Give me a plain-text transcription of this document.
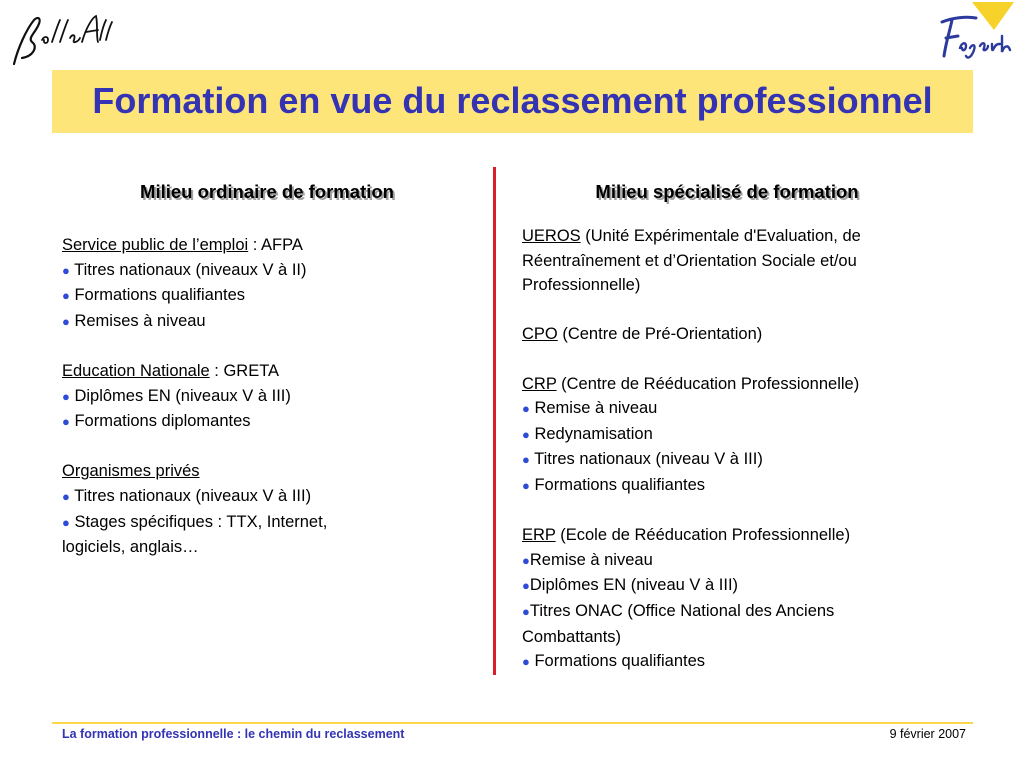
Formation en vue du reclassement professionnel
Milieu ordinaire de formation	Milieu spécialisé de formation
Service public de l’emploi : AFPA
● Titres nationaux (niveaux V à II)
● Formations qualifiantes
● Remises à niveau
Education Nationale : GRETA
● Diplômes EN (niveaux V à III)
● Formations diplomantes
Organismes privés
● Titres nationaux (niveaux V à III)
● Stages spécifiques : TTX, Internet,
logiciels, anglais…
UEROS (Unité Expérimentale d'Evaluation, de
Réentraînement et d’Orientation Sociale et/ou
Professionnelle)
CPO (Centre de Pré-Orientation)
CRP (Centre de Rééducation Professionnelle)
● Remise à niveau
● Redynamisation
● Titres nationaux (niveau V à III)
● Formations qualifiantes
ERP (Ecole de Rééducation Professionnelle)
●Remise à niveau
●Diplômes EN (niveau V à III)
●Titres ONAC (Office National des Anciens
Combattants)
● Formations qualifiantes
La formation professionnelle : le chemin du reclassement	9 février 2007
